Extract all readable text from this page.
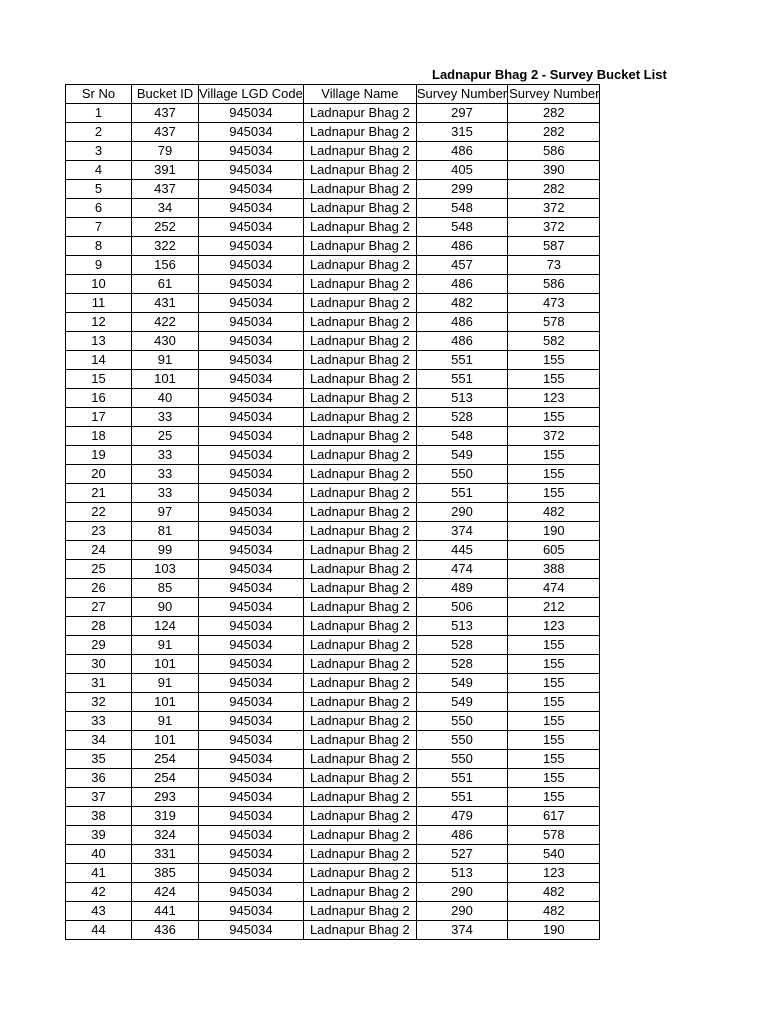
Ladnapur Bhag 2 - Survey Bucket List
Sr No	Bucket ID	Village LGD Code	Village Name	Survey Number	Survey Number

1	437	945034	Ladnapur Bhag 2	297	282
2	437	945034	Ladnapur Bhag 2	315	282
3	79	945034	Ladnapur Bhag 2	486	586
4	391	945034	Ladnapur Bhag 2	405	390
5	437	945034	Ladnapur Bhag 2	299	282
6	34	945034	Ladnapur Bhag 2	548	372
7	252	945034	Ladnapur Bhag 2	548	372
8	322	945034	Ladnapur Bhag 2	486	587
9	156	945034	Ladnapur Bhag 2	457	73
10	61	945034	Ladnapur Bhag 2	486	586
11	431	945034	Ladnapur Bhag 2	482	473
12	422	945034	Ladnapur Bhag 2	486	578
13	430	945034	Ladnapur Bhag 2	486	582
14	91	945034	Ladnapur Bhag 2	551	155
15	101	945034	Ladnapur Bhag 2	551	155
16	40	945034	Ladnapur Bhag 2	513	123
17	33	945034	Ladnapur Bhag 2	528	155
18	25	945034	Ladnapur Bhag 2	548	372
19	33	945034	Ladnapur Bhag 2	549	155
20	33	945034	Ladnapur Bhag 2	550	155
21	33	945034	Ladnapur Bhag 2	551	155
22	97	945034	Ladnapur Bhag 2	290	482
23	81	945034	Ladnapur Bhag 2	374	190
24	99	945034	Ladnapur Bhag 2	445	605
25	103	945034	Ladnapur Bhag 2	474	388
26	85	945034	Ladnapur Bhag 2	489	474
27	90	945034	Ladnapur Bhag 2	506	212
28	124	945034	Ladnapur Bhag 2	513	123
29	91	945034	Ladnapur Bhag 2	528	155
30	101	945034	Ladnapur Bhag 2	528	155
31	91	945034	Ladnapur Bhag 2	549	155
32	101	945034	Ladnapur Bhag 2	549	155
33	91	945034	Ladnapur Bhag 2	550	155
34	101	945034	Ladnapur Bhag 2	550	155
35	254	945034	Ladnapur Bhag 2	550	155
36	254	945034	Ladnapur Bhag 2	551	155
37	293	945034	Ladnapur Bhag 2	551	155
38	319	945034	Ladnapur Bhag 2	479	617
39	324	945034	Ladnapur Bhag 2	486	578
40	331	945034	Ladnapur Bhag 2	527	540
41	385	945034	Ladnapur Bhag 2	513	123
42	424	945034	Ladnapur Bhag 2	290	482
43	441	945034	Ladnapur Bhag 2	290	482
44	436	945034	Ladnapur Bhag 2	374	190
